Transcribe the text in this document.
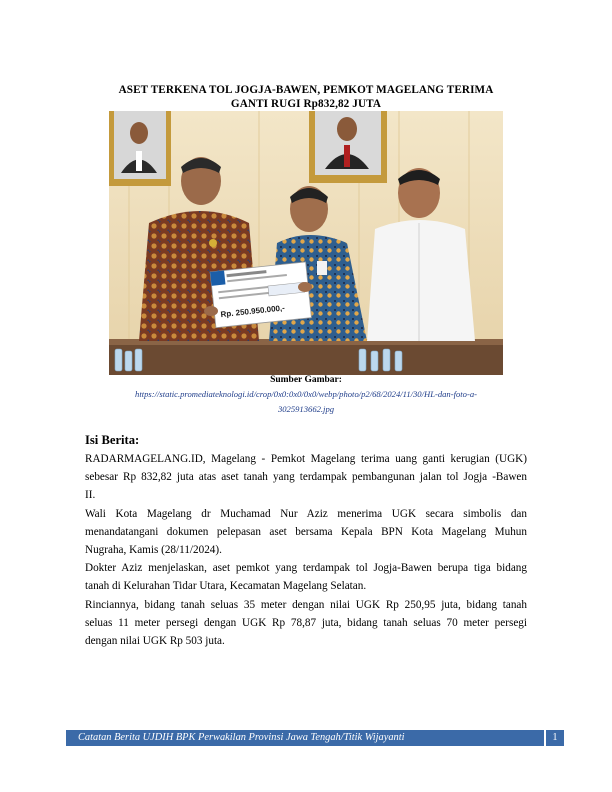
ASET TERKENA TOL JOGJA-BAWEN, PEMKOT MAGELANG TERIMA
GANTI RUGI Rp832,82 JUTA
Rp. 250.950.000,-
Sumber Gambar:
https://static.promediateknologi.id/crop/0x0:0x0/0x0/webp/photo/p2/68/2024/11/30/HL-dan-foto-a-
3025913662.jpg
Isi Berita:
RADARMAGELANG.ID, Magelang - Pemkot Magelang terima uang ganti kerugian (UGK)
sebesar Rp 832,82 juta atas aset tanah yang terdampak pembangunan jalan tol Jogja -Bawen
II.
Wali Kota Magelang dr Muchamad Nur Aziz menerima UGK secara simbolis dan
menandatangani dokumen pelepasan aset bersama Kepala BPN Kota Magelang Muhun
Nugraha, Kamis (28/11/2024).
Dokter Aziz menjelaskan, aset pemkot yang terdampak tol Jogja-Bawen berupa tiga bidang
tanah di Kelurahan Tidar Utara, Kecamatan Magelang Selatan.
Rinciannya, bidang tanah seluas 35 meter dengan nilai UGK Rp 250,95 juta, bidang tanah
seluas 11 meter persegi dengan UGK Rp 78,87 juta, bidang tanah seluas 70 meter persegi
dengan nilai UGK Rp 503 juta.
Catatan Berita UJDIH BPK Perwakilan Provinsi Jawa Tengah/Titik Wijayanti	1
